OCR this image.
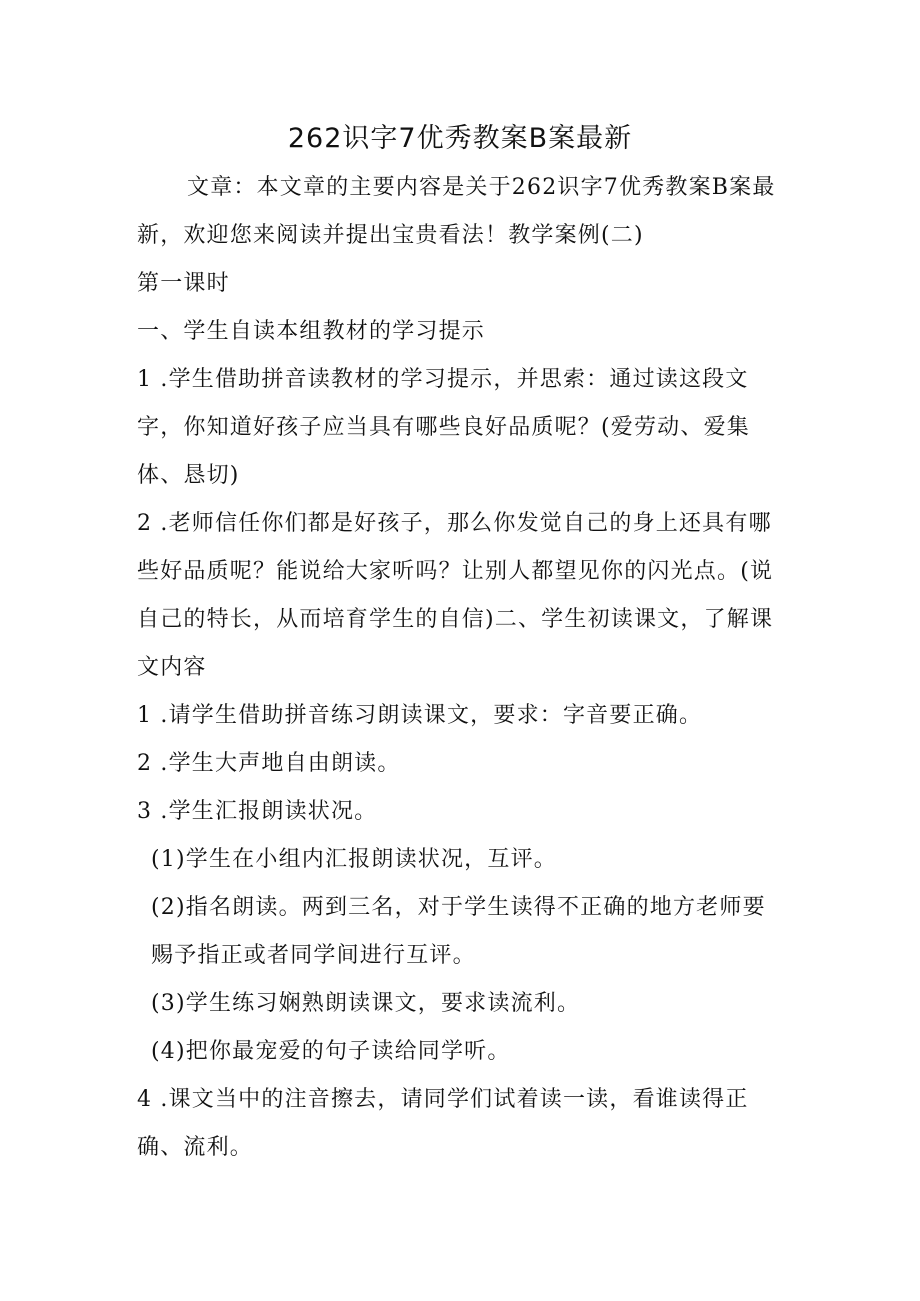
262识字7优秀教案B案最新

文章：本文章的主要内容是关于262识字7优秀教案B案最新，欢迎您来阅读并提出宝贵看法！教学案例(二)

第一课时

一、学生自读本组教材的学习提示

1 .学生借助拼音读教材的学习提示，并思索：通过读这段文字，你知道好孩子应当具有哪些良好品质呢？(爱劳动、爱集体、恳切)

2 .老师信任你们都是好孩子，那么你发觉自己的身上还具有哪些好品质呢？能说给大家听吗？让别人都望见你的闪光点。(说自己的特长，从而培育学生的自信)二、学生初读课文，了解课文内容

1 .请学生借助拼音练习朗读课文，要求：字音要正确。

2 .学生大声地自由朗读。

3 .学生汇报朗读状况。

(1)学生在小组内汇报朗读状况，互评。

(2)指名朗读。两到三名，对于学生读得不正确的地方老师要赐予指正或者同学间进行互评。

(3)学生练习娴熟朗读课文，要求读流利。

(4)把你最宠爱的句子读给同学听。

4 .课文当中的注音擦去，请同学们试着读一读，看谁读得正确、流利。
